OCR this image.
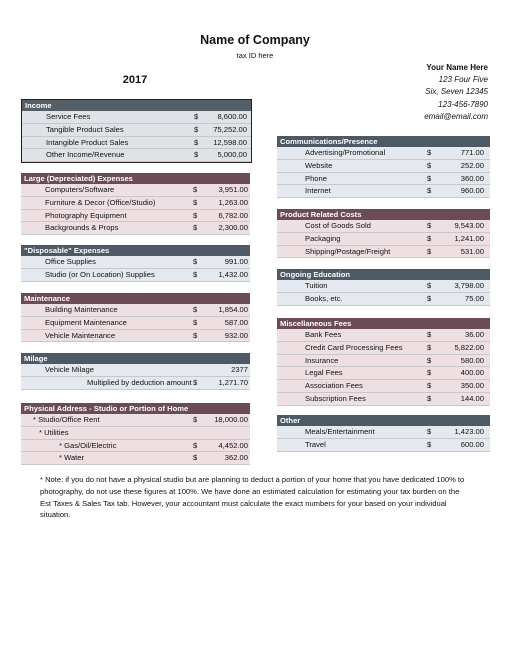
Name of Company
tax ID here
2017
Your Name Here
123 Four Five
Six, Seven 12345
123-456-7890
email@email.com
Income
Service Fees	$	8,600.00
Tangible Product Sales	$ 75,252.00
Intangible Product Sales	$ 12,598.00
Other Income/Revenue	$	5,000.00
Large (Depreciated) Expenses
Computers/Software	$	3,951.00
Furniture & Decor (Office/Studio)	$	1,263.00
Photography Equipment	$	6,782.00
Backgrounds & Props	$	2,300.00
"Disposable" Expenses
Office Supplies	$	991.00
Studio (or On Location) Supplies	$	1,432.00
Maintenance
Building Maintenance	$	1,854.00
Equipment Maintenance	$	587.00
Vehicle Maintenance	$	932.00
Milage
Vehicle Milage	2377
Multiplied by deduction amount $	1,271.70
Physical Address - Studio or Portion of Home
* Studio/Office Rent	$ 18,000.00
* Utilities
* Gas/Oil/Electric	$	4,452.00
* Water	$	362.00
Communications/Presence
Advertising/Promotional	$	771.00
Website	$	252.00
Phone	$	360.00
Internet	$	960.00
Product Related Costs
Cost of Goods Sold	$	9,543.00
Packaging	$	1,241.00
Shipping/Postage/Freight	$	531.00
Ongoing Education
Tuition	$	3,798.00
Books, etc.	$	75.00
Miscellaneous Fees
Bank Fees	$	36.00
Credit Card Processing Fees	$	5,822.00
Insurance	$	580.00
Legal Fees	$	400.00
Association Fees	$	350.00
Subscription Fees	$	144.00
Other
Meals/Entertainment	$	1,423.00
Travel	$	600.00
* Note: if you do not have a physical studio but are planning to deduct a portion of your home that you have dedicated 100% to photography, do not use these figures at 100%. We have done an estimated calculation for estimating your tax burden on the Est Taxes & Sales Tax tab. However, your accountant must calculate the exact numbers for your based on your individual situation.
